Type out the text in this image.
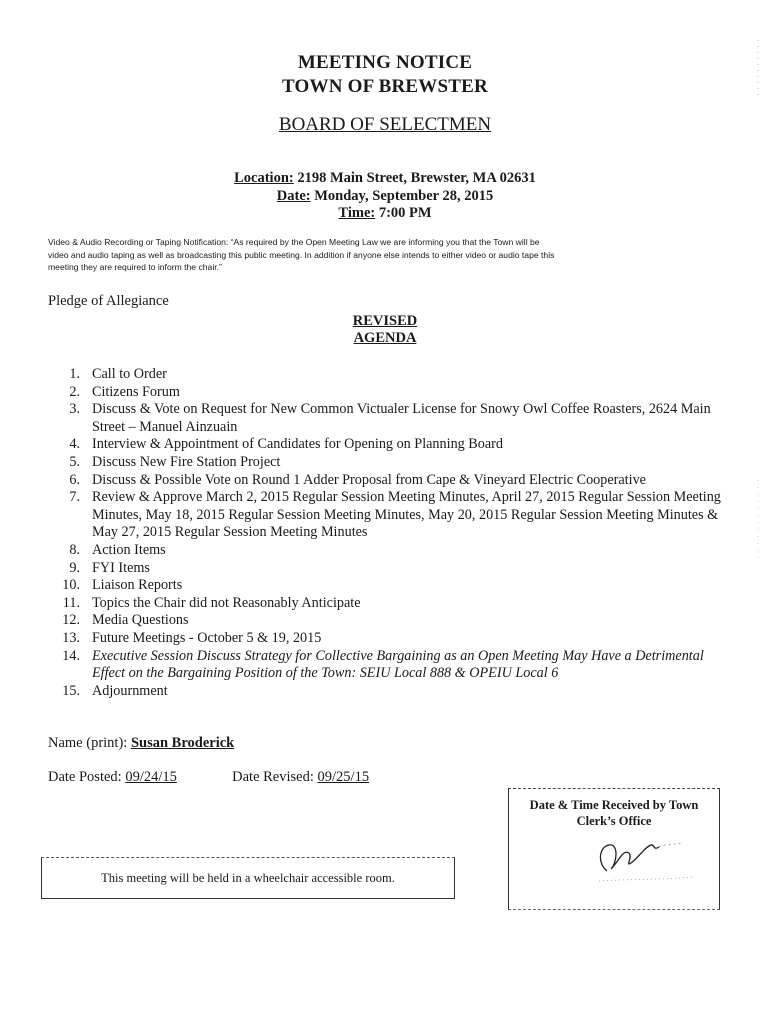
MEETING NOTICE
TOWN OF BREWSTER
BOARD OF SELECTMEN
Location: 2198 Main Street, Brewster, MA 02631
Date: Monday, September 28, 2015
Time: 7:00 PM
Video & Audio Recording or Taping Notification: “As required by the Open Meeting Law we are informing you that the Town will be
video and audio taping as well as broadcasting this public meeting. In addition if anyone else intends to either video or audio tape this
meeting they are required to inform the chair.”
Pledge of Allegiance
REVISED
AGENDA
1. Call to Order
2. Citizens Forum
3. Discuss & Vote on Request for New Common Victualer License for Snowy Owl Coffee Roasters, 2624 Main Street – Manuel Ainzuain
4. Interview & Appointment of Candidates for Opening on Planning Board
5. Discuss New Fire Station Project
6. Discuss & Possible Vote on Round 1 Adder Proposal from Cape & Vineyard Electric Cooperative
7. Review & Approve March 2, 2015 Regular Session Meeting Minutes, April 27, 2015 Regular Session Meeting Minutes, May 18, 2015 Regular Session Meeting Minutes, May 20, 2015 Regular Session Meeting Minutes & May 27, 2015 Regular Session Meeting Minutes
8. Action Items
9. FYI Items
10. Liaison Reports
11. Topics the Chair did not Reasonably Anticipate
12. Media Questions
13. Future Meetings - October 5 & 19, 2015
14. Executive Session Discuss Strategy for Collective Bargaining as an Open Meeting May Have a Detrimental Effect on the Bargaining Position of the Town: SEIU Local 888 & OPEIU Local 6
15. Adjournment
Name (print): Susan Broderick
Date Posted: 09/24/15	Date Revised: 09/25/15
This meeting will be held in a wheelchair accessible room.
Date & Time Received by Town
Clerk’s Office
